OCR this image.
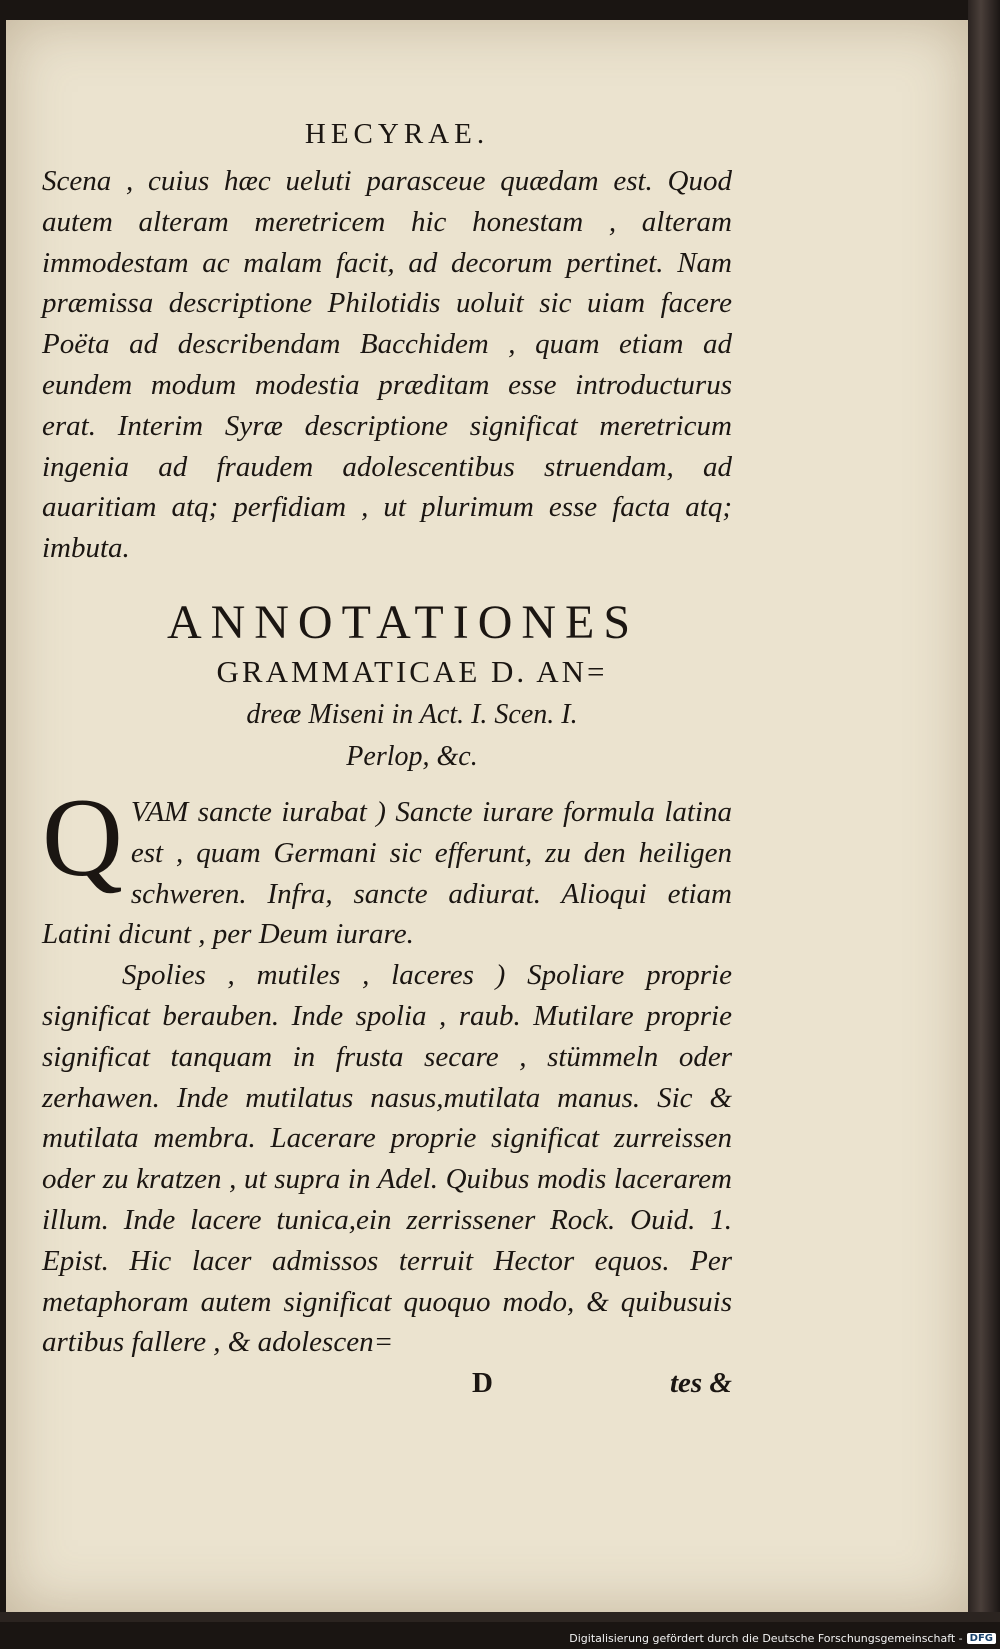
HECYRAE.

Scena , cuius hæc ueluti parasceue quædam est. Quod autem alteram meretricem hic honestam , alteram immodestam ac malam facit, ad decorum pertinet. Nam præmissa descriptione Philotidis uoluit sic uiam facere Poëta ad describendam Bacchidem , quam etiam ad eundem modum modestia præditam esse introducturus erat. Interim Syræ descriptione significat meretricum ingenia ad fraudem adolescentibus struendam, ad auaritiam atq; perfidiam , ut plurimum esse facta atq; imbuta.

ANNOTATIONES
GRAMMATICAE D. AN=
dreæ Miseni in Act. I. Scen. I.
Perlop, &c.
Q VAM sancte iurabat ) Sancte iurare formula latina est , quam Germani sic efferunt, zu den heiligen schweren. Infra, sancte adiurat. Alioqui etiam Latini dicunt , per Deum iurare.

Spolies , mutiles , laceres ) Spoliare proprie significat berauben. Inde spolia , raub. Mutilare proprie significat tanquam in frusta secare , stümmeln oder zerhawen. Inde mutilatus nasus,mutilata manus. Sic & mutilata membra. Lacerare proprie significat zurreissen oder zu kratzen , ut supra in Adel. Quibus modis lacerarem illum. Inde lacere tunica,ein zerrissener Rock. Ouid. 1. Epist. Hic lacer admissos terruit Hector equos. Per metaphoram autem significat quoquo modo, & quibusuis artibus fallere , & adolescen=

D	tes &
Digitalisierung gefördert durch die Deutsche Forschungsgemeinschaft - DFG
